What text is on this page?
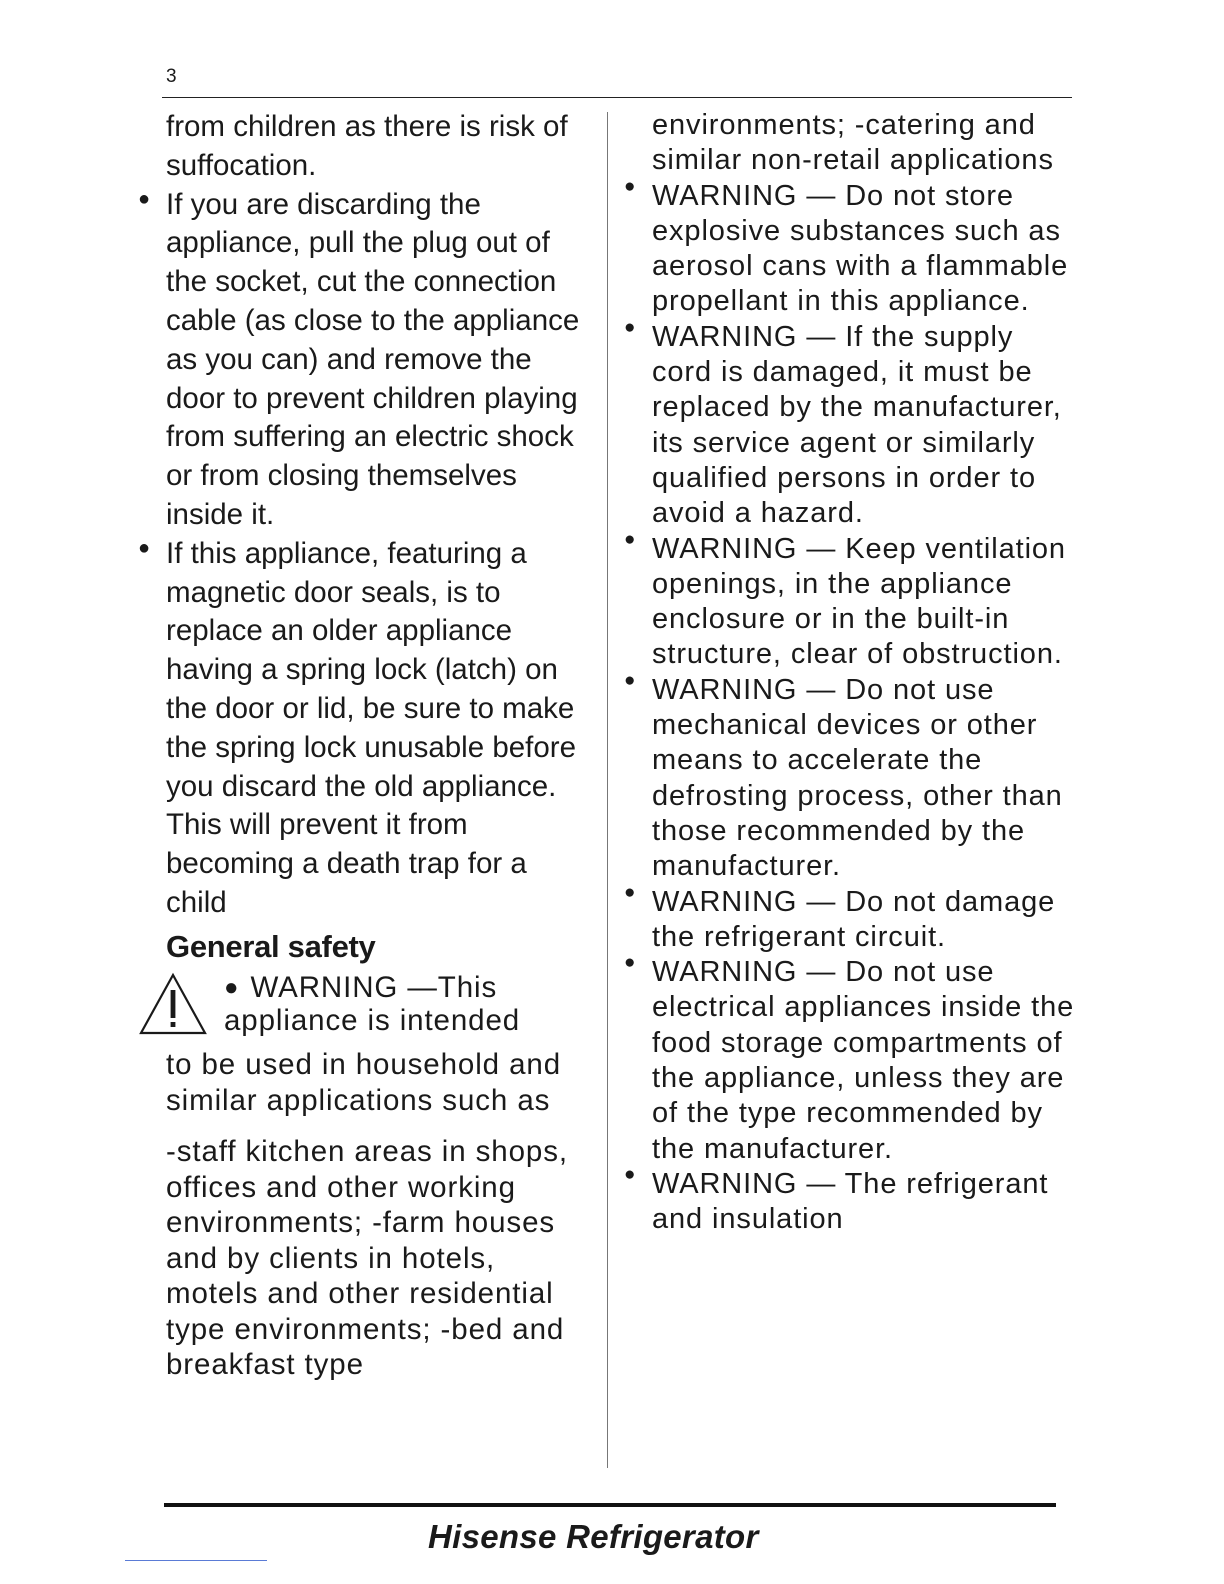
3

from children as there is risk of suffocation.

● If you are discarding the appliance, pull the plug out of the socket, cut the connection cable (as close to the appliance as you can) and remove the door to prevent children playing from suffering an electric shock or from closing themselves inside it.

● If this appliance, featuring a magnetic door seals, is to replace an older appliance having a spring lock (latch) on the door or lid, be sure to make the spring lock unusable before you discard the old appliance. This will prevent it from becoming a death trap for a child

General safety

● WARNING —This
appliance is intended

to be used in household and similar applications such as

-staff kitchen areas in shops, offices and other working environments; -farm houses and by clients in hotels, motels and other residential type environments; -bed and breakfast type

environments; -catering and similar non-retail applications

● WARNING — Do not store explosive substances such as aerosol cans with a flammable propellant in this appliance.

● WARNING — If the supply cord is damaged, it must be replaced by the manufacturer, its service agent or similarly qualified persons in order to avoid a hazard.

● WARNING — Keep ventilation openings, in the appliance enclosure or in the built-in structure, clear of obstruction.

● WARNING — Do not use mechanical devices or other means to accelerate the defrosting process, other than those recommended by the manufacturer.

● WARNING — Do not damage the refrigerant circuit.

● WARNING — Do not use electrical appliances inside the food storage compartments of the appliance, unless they are of the type recommended by the manufacturer.

● WARNING — The refrigerant and insulation

Hisense Refrigerator
